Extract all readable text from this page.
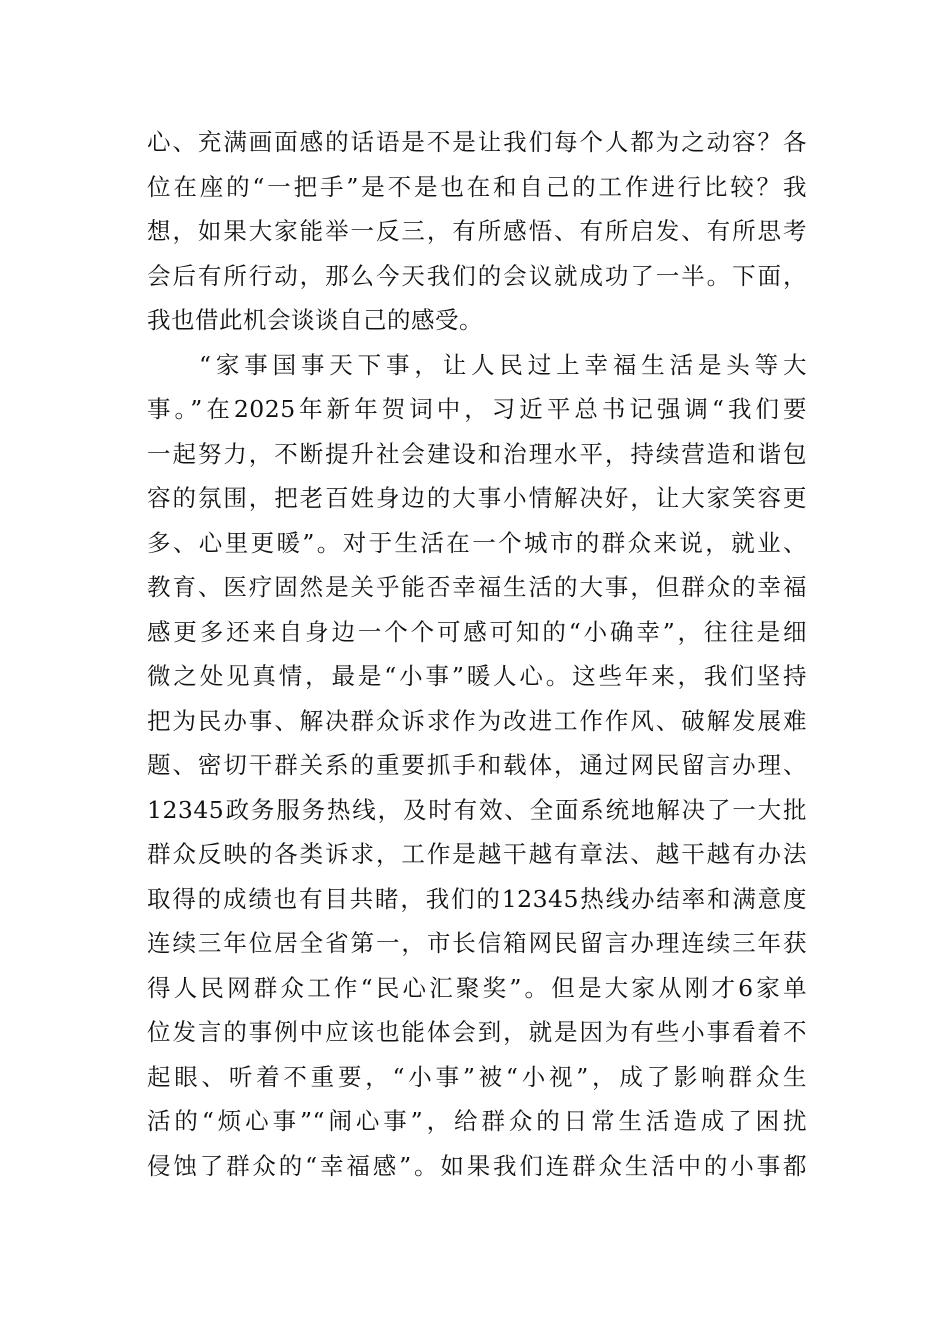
心、充满画面感的话语是不是让我们每个人都为之动容？各
位在座的“一把手”是不是也在和自己的工作进行比较？我
想，如果大家能举一反三，有所感悟、有所启发、有所思考
会后有所行动，那么今天我们的会议就成功了一半。下面，
我也借此机会谈谈自己的感受。
“家事国事天下事，让人民过上幸福生活是头等大
事。”在2025年新年贺词中，习近平总书记强调“我们要
一起努力，不断提升社会建设和治理水平，持续营造和谐包
容的氛围，把老百姓身边的大事小情解决好，让大家笑容更
多、心里更暖”。对于生活在一个城市的群众来说，就业、
教育、医疗固然是关乎能否幸福生活的大事，但群众的幸福
感更多还来自身边一个个可感可知的“小确幸”，往往是细
微之处见真情，最是“小事”暖人心。这些年来，我们坚持
把为民办事、解决群众诉求作为改进工作作风、破解发展难
题、密切干群关系的重要抓手和载体，通过网民留言办理、
12345政务服务热线，及时有效、全面系统地解决了一大批
群众反映的各类诉求，工作是越干越有章法、越干越有办法
取得的成绩也有目共睹，我们的12345热线办结率和满意度
连续三年位居全省第一，市长信箱网民留言办理连续三年获
得人民网群众工作“民心汇聚奖”。但是大家从刚才6家单
位发言的事例中应该也能体会到，就是因为有些小事看着不
起眼、听着不重要，“小事”被“小视”，成了影响群众生
活的“烦心事”“闹心事”，给群众的日常生活造成了困扰
侵蚀了群众的“幸福感”。如果我们连群众生活中的小事都
